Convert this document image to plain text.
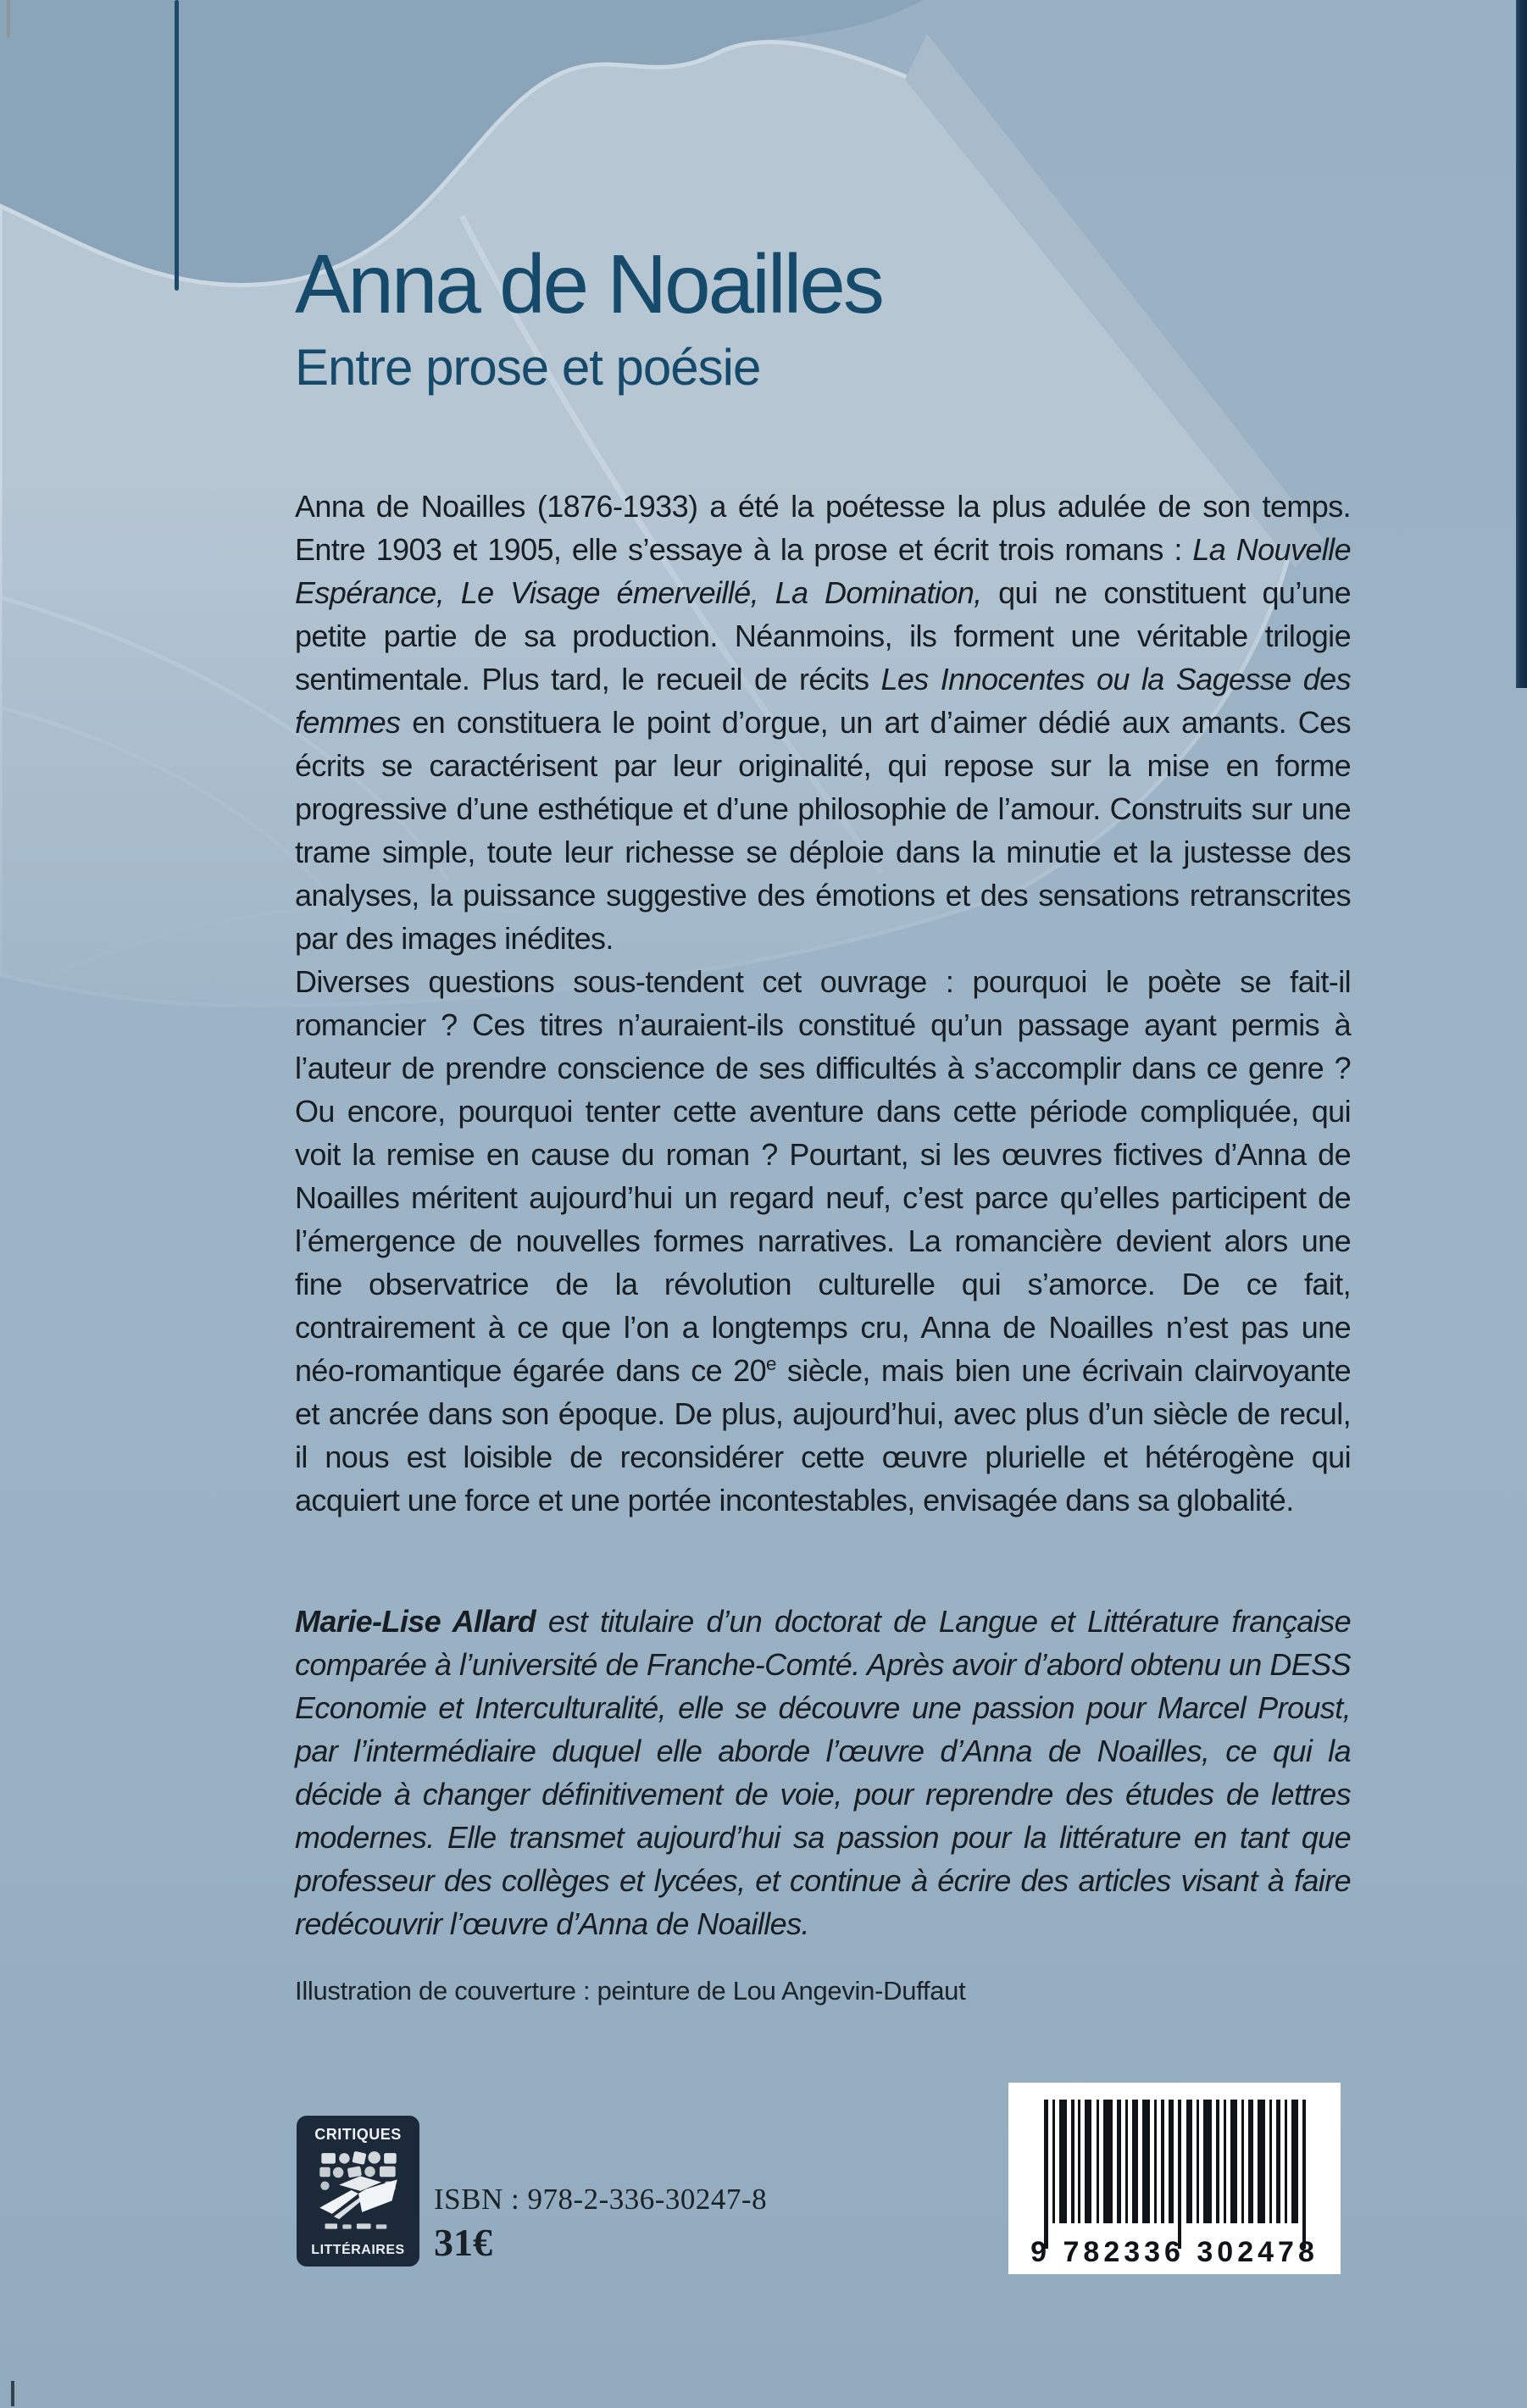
Anna de Noailles
Entre prose et poésie

Anna de Noailles (1876-1933) a été la poétesse la plus adulée de son temps. Entre 1903 et 1905, elle s’essaye à la prose et écrit trois romans : La Nouvelle Espérance, Le Visage émerveillé, La Domination, qui ne constituent qu’une petite partie de sa production. Néanmoins, ils forment une véritable trilogie sentimentale. Plus tard, le recueil de récits Les Innocentes ou la Sagesse des femmes en constituera le point d’orgue, un art d’aimer dédié aux amants. Ces écrits se caractérisent par leur originalité, qui repose sur la mise en forme progressive d’une esthétique et d’une philosophie de l’amour. Construits sur une trame simple, toute leur richesse se déploie dans la minutie et la justesse des analyses, la puissance suggestive des émotions et des sensations retranscrites par des images inédites.

Diverses questions sous-tendent cet ouvrage : pourquoi le poète se fait-il romancier ? Ces titres n’auraient-ils constitué qu’un passage ayant permis à l’auteur de prendre conscience de ses difficultés à s’accomplir dans ce genre ? Ou encore, pourquoi tenter cette aventure dans cette période compliquée, qui voit la remise en cause du roman ? Pourtant, si les œuvres fictives d’Anna de Noailles méritent aujourd’hui un regard neuf, c’est parce qu’elles participent de l’émergence de nouvelles formes narratives. La romancière devient alors une fine observatrice de la révolution culturelle qui s’amorce. De ce fait, contrairement à ce que l’on a longtemps cru, Anna de Noailles n’est pas une néo-romantique égarée dans ce 20e siècle, mais bien une écrivain clairvoyante et ancrée dans son époque. De plus, aujourd’hui, avec plus d’un siècle de recul, il nous est loisible de reconsidérer cette œuvre plurielle et hétérogène qui acquiert une force et une portée incontestables, envisagée dans sa globalité.

Marie-Lise Allard est titulaire d’un doctorat de Langue et Littérature française comparée à l’université de Franche-Comté. Après avoir d’abord obtenu un DESS Economie et Interculturalité, elle se découvre une passion pour Marcel Proust, par l’intermédiaire duquel elle aborde l’œuvre d’Anna de Noailles, ce qui la décide à changer définitivement de voie, pour reprendre des études de lettres modernes. Elle transmet aujourd’hui sa passion pour la littérature en tant que professeur des collèges et lycées, et continue à écrire des articles visant à faire redécouvrir l’œuvre d’Anna de Noailles.
Illustration de couverture : peinture de Lou Angevin-Duffaut
CRITIQUES
LITTÉRAIRES
ISBN : 978-2-336-30247-8
31€	9 782336 302478
